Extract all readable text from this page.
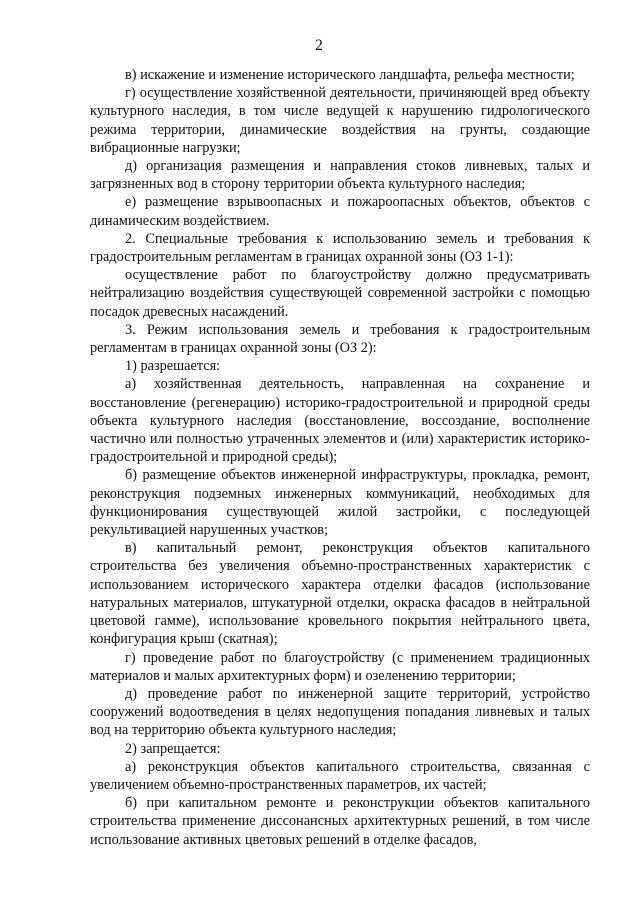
2

в) искажение и изменение исторического ландшафта, рельефа местности;

г) осуществление хозяйственной деятельности, причиняющей вред объекту культурного наследия, в том числе ведущей к нарушению гидрологического режима территории, динамические воздействия на грунты, создающие вибрационные нагрузки;

д) организация размещения и направления стоков ливневых, талых и загрязненных вод в сторону территории объекта культурного наследия;

е) размещение взрывоопасных и пожароопасных объектов, объектов с динамическим воздействием.

2. Специальные требования к использованию земель и требования к градостроительным регламентам в границах охранной зоны (ОЗ 1-1):

осуществление работ по благоустройству должно предусматривать нейтрализацию воздействия существующей современной застройки с помощью посадок древесных насаждений.

3. Режим использования земель и требования к градостроительным регламентам в границах охранной зоны (ОЗ 2):

1) разрешается:

а) хозяйственная деятельность, направленная на сохранение и восстановление (регенерацию) историко-градостроительной и природной среды объекта культурного наследия (восстановление, воссоздание, восполнение частично или полностью утраченных элементов и (или) характеристик историко-градостроительной и природной среды);

б) размещение объектов инженерной инфраструктуры, прокладка, ремонт, реконструкция подземных инженерных коммуникаций, необходимых для функционирования существующей жилой застройки, с последующей рекультивацией нарушенных участков;

в) капитальный ремонт, реконструкция объектов капитального строительства без увеличения объемно-пространственных характеристик с использованием исторического характера отделки фасадов (использование натуральных материалов, штукатурной отделки, окраска фасадов в нейтральной цветовой гамме), использование кровельного покрытия нейтрального цвета, конфигурация крыш (скатная);

г) проведение работ по благоустройству (с применением традиционных материалов и малых архитектурных форм) и озеленению территории;

д) проведение работ по инженерной защите территорий, устройство сооружений водоотведения в целях недопущения попадания ливневых и талых вод на территорию объекта культурного наследия;

2) запрещается:

а) реконструкция объектов капитального строительства, связанная с увеличением объемно-пространственных параметров, их частей;

б) при капитальном ремонте и реконструкции объектов капитального строительства применение диссонансных архитектурных решений, в том числе использование активных цветовых решений в отделке фасадов,
